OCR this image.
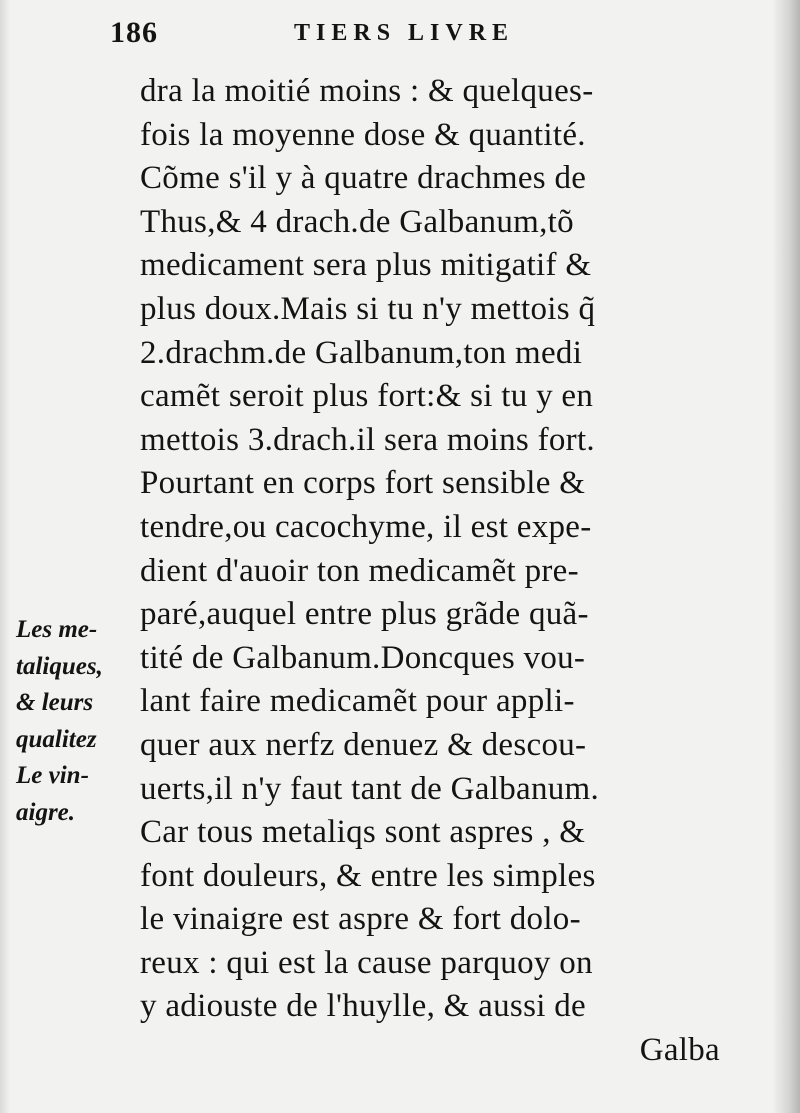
186	TIERS LIVRE
Les me-
taliques,
& leurs
qualitez
Le vin-
aigre.
dra la moitié moins : & quelques-
fois la moyenne dose & quantité.
Cõme s'il y à quatre drachmes de
Thus,& 4 drach.de Galbanum,tõ
medicament sera plus mitigatif &
plus doux.Mais si tu n'y mettois q̃
2.drachm.de Galbanum,ton medi
camẽt seroit plus fort:& si tu y en
mettois 3.drach.il sera moins fort.
Pourtant en corps fort sensible &
tendre,ou cacochyme, il est expe-
dient d'auoir ton medicamẽt pre-
paré,auquel entre plus grãde quã-
tité de Galbanum.Doncques vou-
lant faire medicamẽt pour appli-
quer aux nerfz denuez & descou-
uerts,il n'y faut tant de Galbanum.
Car tous metaliqs sont aspres , &
font douleurs, & entre les simples
le vinaigre est aspre & fort dolo-
reux : qui est la cause parquoy on
y adiouste de l'huylle, & aussi de
Galba
